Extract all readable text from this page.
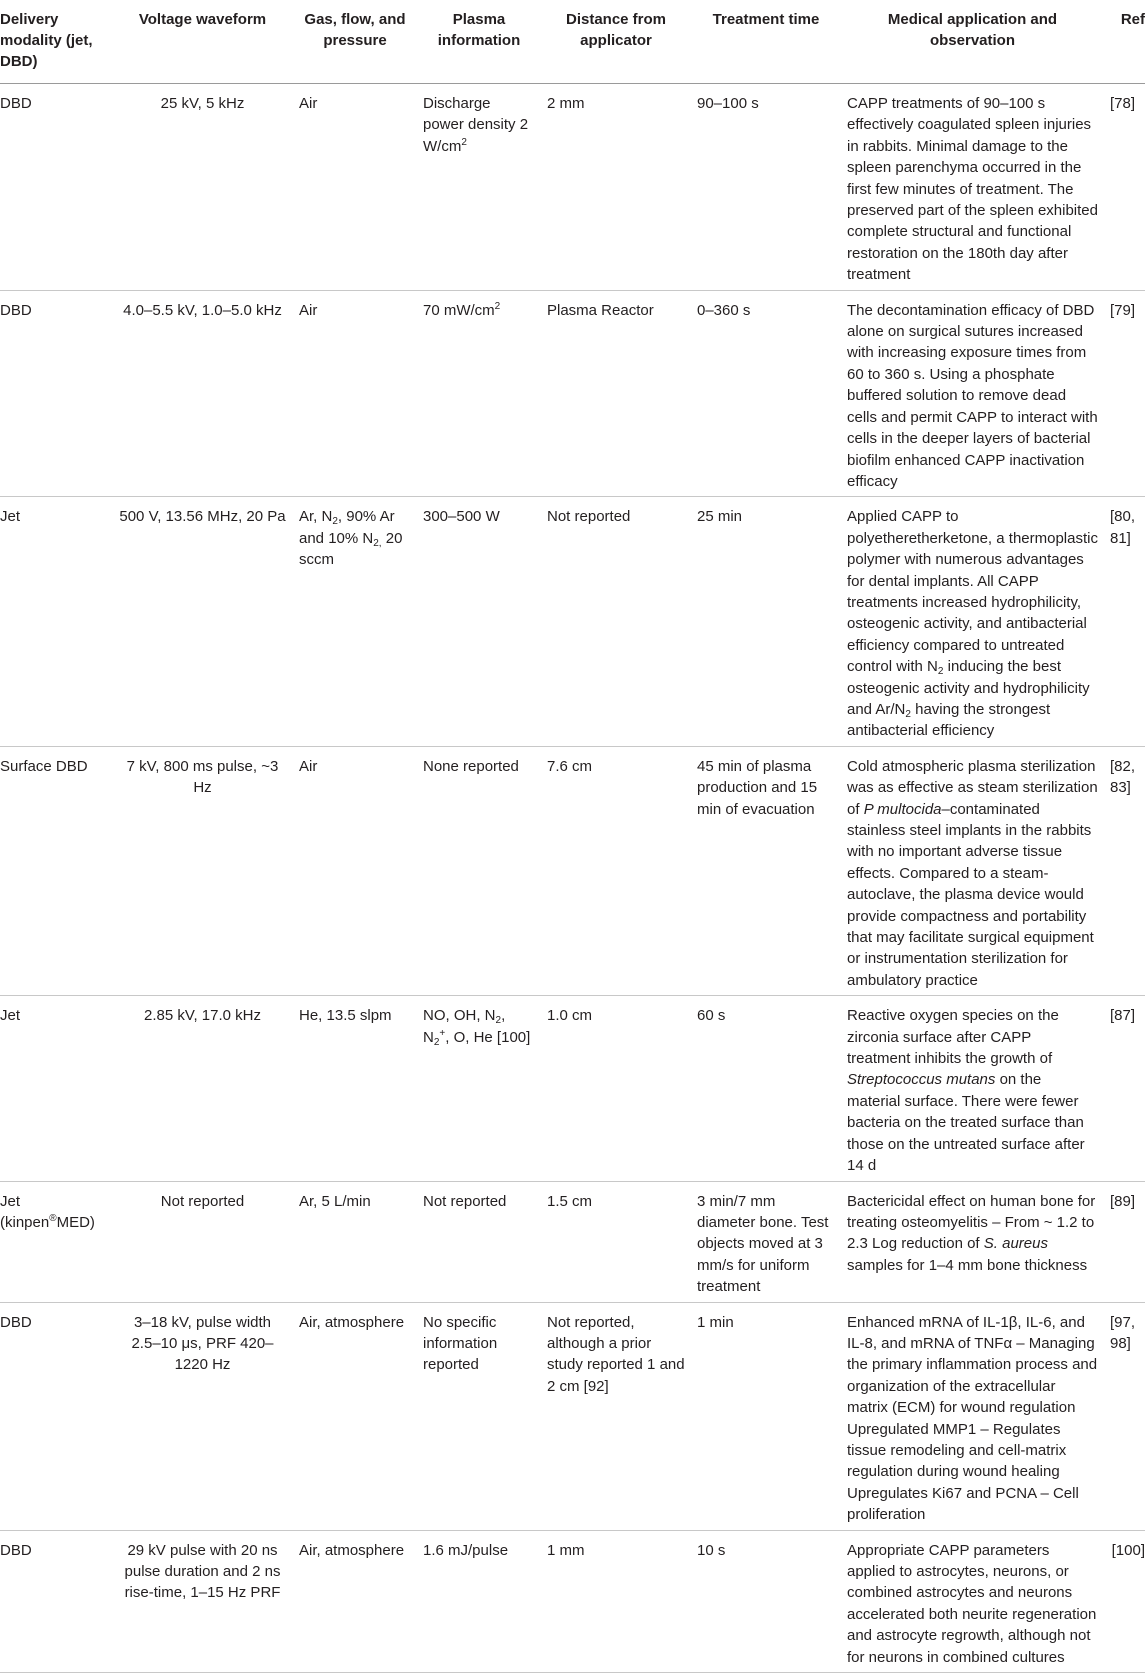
Delivery modality (jet, DBD)	Voltage waveform	Gas, flow, and pressure	Plasma information	Distance from applicator	Treatment time	Medical application and observation	Ref
DBD	25 kV, 5 kHz	Air	Discharge power density 2 $W/cm^2$	2 mm	90–100 s	CAPP treatments of 90–100 s effectively coagulated spleen injuries in rabbits. Minimal damage to the spleen parenchyma occurred in the first few minutes of treatment. The preserved part of the spleen exhibited complete structural and functional restoration on the 180th day after treatment	[78]
DBD	4.0–5.5 kV, 1.0–5.0 kHz	Air	70 $mW/cm^2$	Plasma Reactor	0–360 s	The decontamination efficacy of DBD alone on surgical sutures increased with increasing exposure times from 60 to 360 s. Using a phosphate buffered solution to remove dead cells and permit CAPP to interact with cells in the deeper layers of bacterial biofilm enhanced CAPP inactivation efficacy	[79]
Jet	500 V, 13.56 MHz, 20 Pa	Ar, $N_2$, 90% Ar and 10% $N_{2,}$ 20 sccm	300–500 W	Not reported	25 min	Applied CAPP to polyetheretherketone, a thermoplastic polymer with numerous advantages for dental implants. All CAPP treatments increased hydrophilicity, osteogenic activity, and antibacterial efficiency compared to untreated control with $N_2$ inducing the best osteogenic activity and hydrophilicity and $Ar/N_2$ having the strongest antibacterial efficiency	[80, 81]
Surface DBD	7 kV, 800 ms pulse, ~3 Hz	Air	None reported	7.6 cm	45 min of plasma production and 15 min of evacuation	Cold atmospheric plasma sterilization was as effective as steam sterilization of P multocida–contaminated stainless steel implants in the rabbits with no important adverse tissue effects. Compared to a steam-autoclave, the plasma device would provide compactness and portability that may facilitate surgical equipment or instrumentation sterilization for ambulatory practice	[82, 83]
Jet	2.85 kV, 17.0 kHz	He, 13.5 slpm	NO, OH, $N_2$, $N_2^+$, O, He [100]	1.0 cm	60 s	Reactive oxygen species on the zirconia surface after CAPP treatment inhibits the growth of Streptococcus mutans on the material surface. There were fewer bacteria on the treated surface than those on the untreated surface after 14 d	[87]
Jet (kinpen®MED)	Not reported	Ar, 5 L/min	Not reported	1.5 cm	3 min/7 mm diameter bone. Test objects moved at 3 mm/s for uniform treatment	Bactericidal effect on human bone for treating osteomyelitis – From ~ 1.2 to 2.3 Log reduction of S. aureus samples for 1–4 mm bone thickness	[89]
DBD	3–18 kV, pulse width 2.5–10 μs, PRF 420–1220 Hz	Air, atmosphere	No specific information reported	Not reported, although a prior study reported 1 and 2 cm [92]	1 min	Enhanced mRNA of IL-1β, IL-6, and IL-8, and mRNA of TNFα – Managing the primary inflammation process and organization of the extracellular matrix (ECM) for wound regulation Upregulated MMP1 – Regulates tissue remodeling and cell-matrix regulation during wound healing Upregulates Ki67 and PCNA – Cell proliferation	[97, 98]
DBD	29 kV pulse with 20 ns pulse duration and 2 ns rise-time, 1–15 Hz PRF	Air, atmosphere	1.6 mJ/pulse	1 mm	10 s	Appropriate CAPP parameters applied to astrocytes, neurons, or combined astrocytes and neurons accelerated both neurite regeneration and astrocyte regrowth, although not for neurons in combined cultures	[100]
